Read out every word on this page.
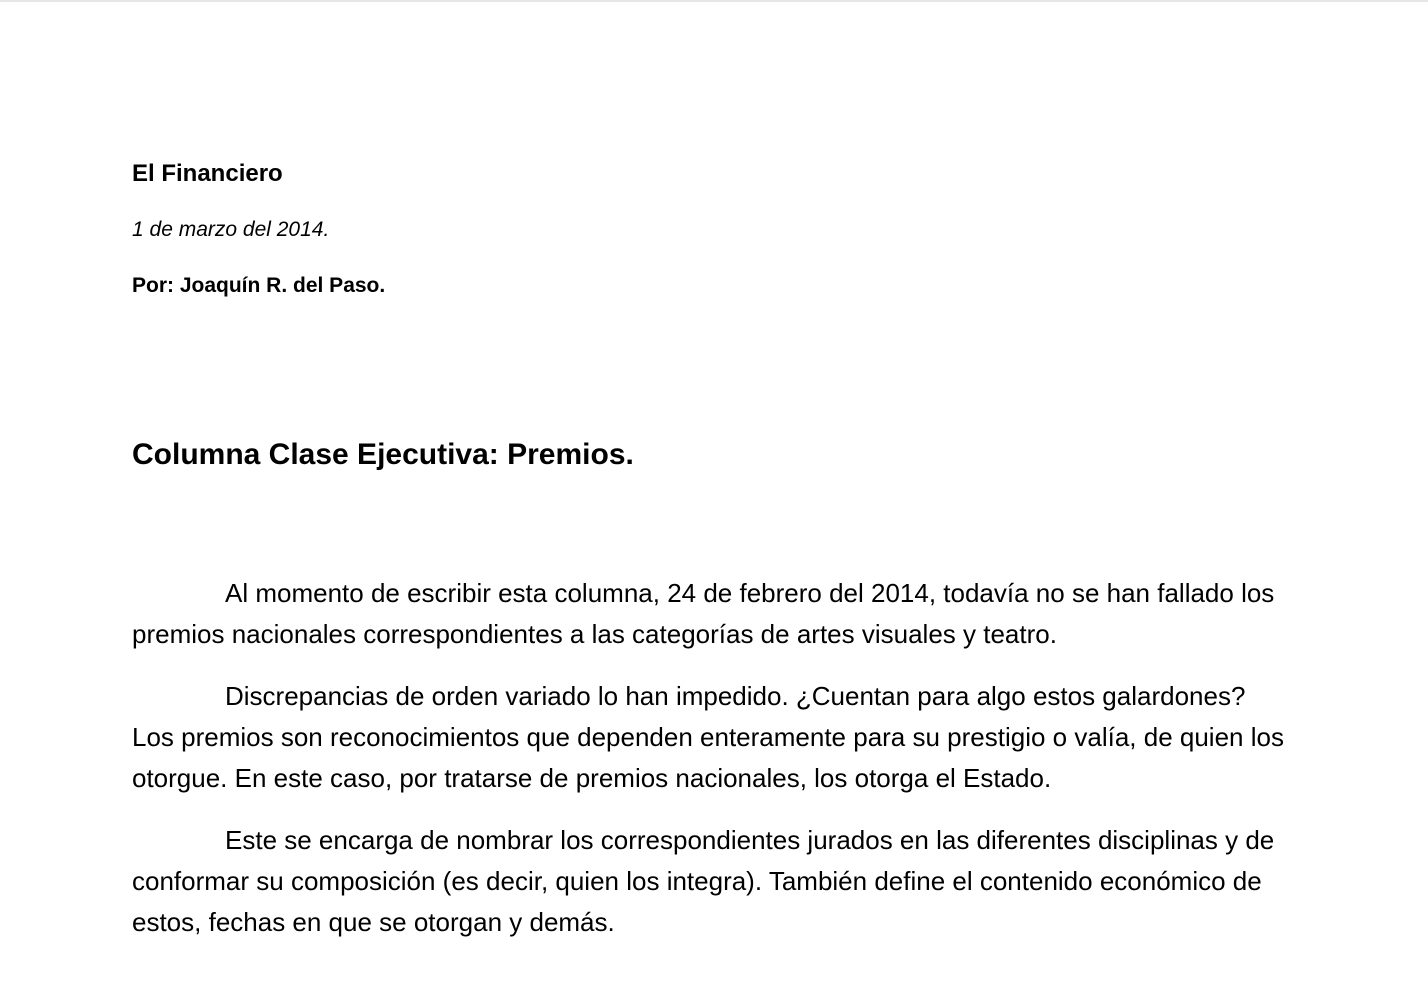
El Financiero
1 de marzo del 2014.
Por: Joaquín R. del Paso.
Columna Clase Ejecutiva: Premios.

Al momento de escribir esta columna, 24 de febrero del 2014, todavía no se han fallado los premios nacionales correspondientes a las categorías de artes visuales y teatro.

Discrepancias de orden variado lo han impedido. ¿Cuentan para algo estos galardones? Los premios son reconocimientos que dependen enteramente para su prestigio o valía, de quien los otorgue. En este caso, por tratarse de premios nacionales, los otorga el Estado.

Este se encarga de nombrar los correspondientes jurados en las diferentes disciplinas y de conformar su composición (es decir, quien los integra). También define el contenido económico de estos, fechas en que se otorgan y demás.
